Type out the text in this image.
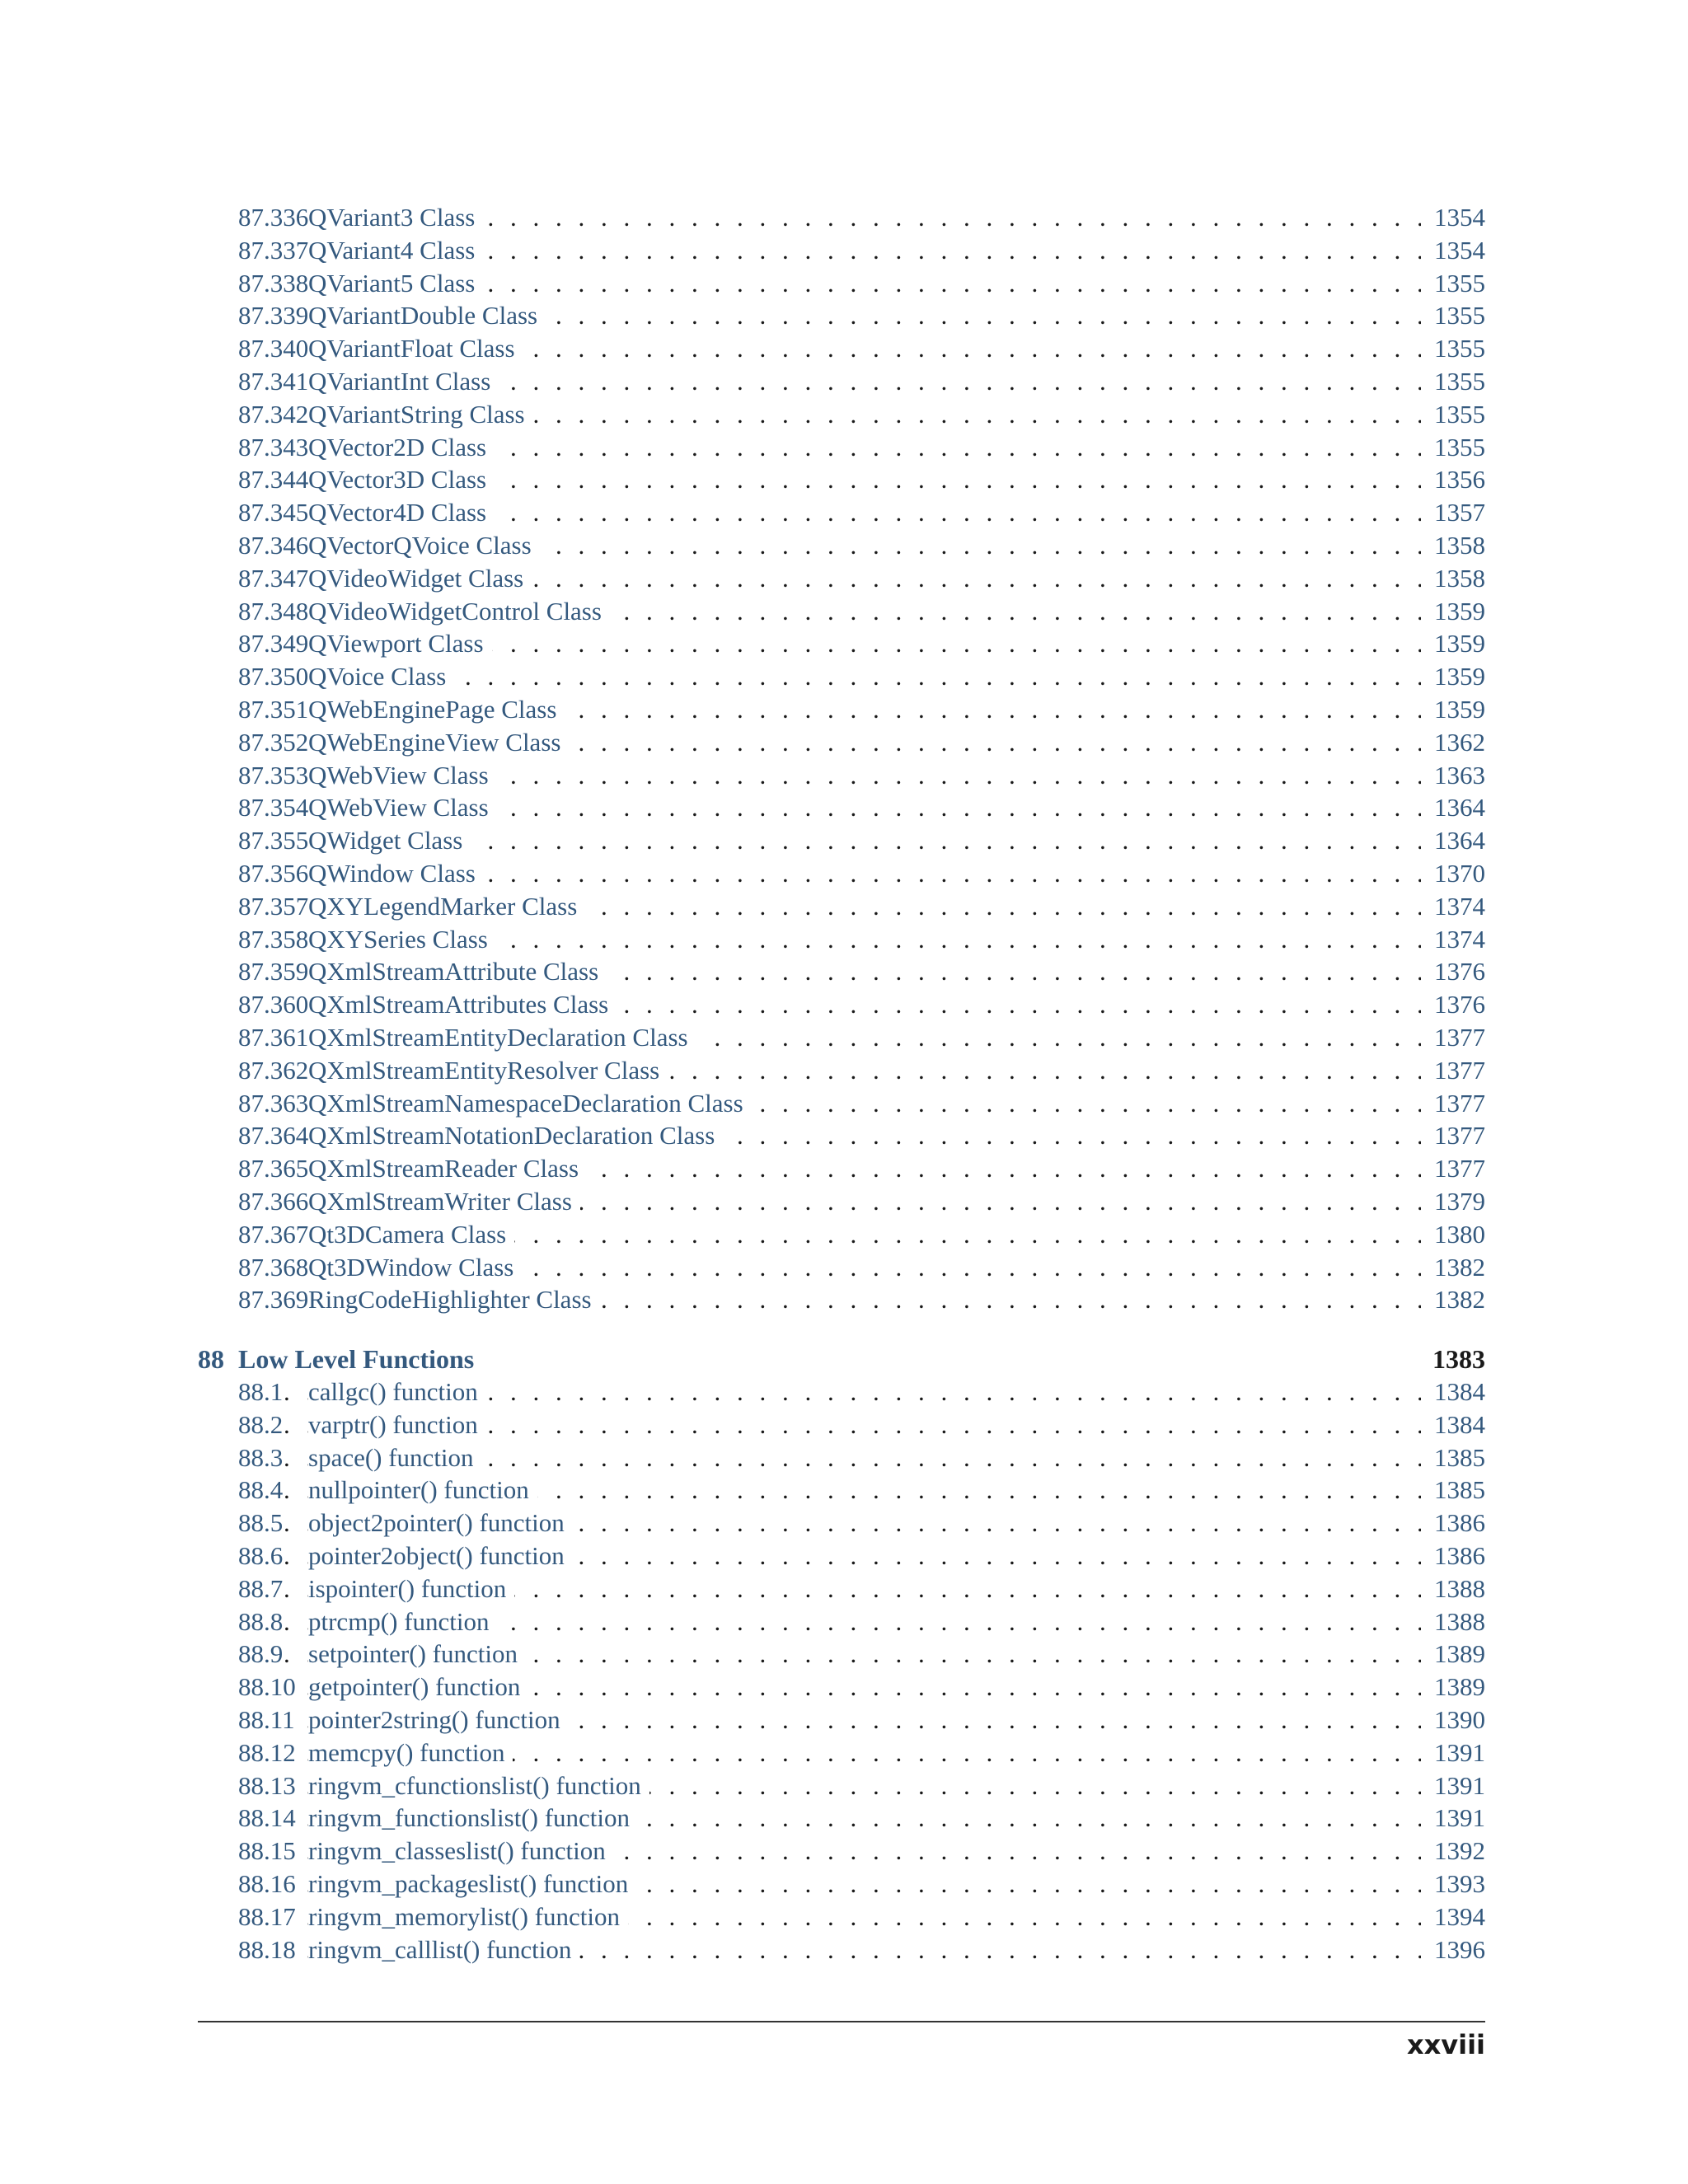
. . .
87.336 QVariant3 Class	1354
. . .
87.337 QVariant4 Class	1354
. . .
87.338 QVariant5 Class	1355
. . .
87.339 QVariantDouble Class	1355
. . .
87.340 QVariantFloat Class	1355
. . .
87.341 QVariantInt Class	1355
. . .
87.342 QVariantString Class	1355
. . .
87.343 QVector2D Class	1355
. . .
87.344 QVector3D Class	1356
. . .
87.345 QVector4D Class	1357
. . .
87.346 QVectorQVoice Class	1358
. . .
87.347 QVideoWidget Class	1358
. . .
87.348 QVideoWidgetControl Class	1359
. . .
87.349 QViewport Class	1359
. . .
87.350 QVoice Class	1359
. . .
87.351 QWebEnginePage Class	1359
. . .
87.352 QWebEngineView Class	1362
. . .
87.353 QWebView Class	1363
. . .
87.354 QWebView Class	1364
. . .
87.355 QWidget Class	1364
. . .
87.356 QWindow Class	1370
. . .
87.357 QXYLegendMarker Class	1374
. . .
87.358 QXYSeries Class	1374
. . .
87.359 QXmlStreamAttribute Class	1376
. . .
87.360 QXmlStreamAttributes Class	1376
. . .
87.361 QXmlStreamEntityDeclaration Class	1377
. . .
87.362 QXmlStreamEntityResolver Class	1377
. . .
87.363 QXmlStreamNamespaceDeclaration Class	1377
. . .
87.364 QXmlStreamNotationDeclaration Class	1377
. . .
87.365 QXmlStreamReader Class	1377
. . .
87.366 QXmlStreamWriter Class	1379
. . .
87.367 Qt3DCamera Class	1380
. . .
87.368 Qt3DWindow Class	1382
. . .
87.369 RingCodeHighlighter Class	1382
88 Low Level Functions	1383
. . .
88.1 callgc() function	1384
. . .
88.2 varptr() function	1384
. . .
88.3 space() function	1385
. . .
88.4 nullpointer() function	1385
. . .
88.5 object2pointer() function	1386
. . .
88.6 pointer2object() function	1386
. . .
88.7 ispointer() function	1388
. . .
88.8 ptrcmp() function	1388
. . .
88.9 setpointer() function	1389
. . .
88.10 getpointer() function	1389
. . .
88.11 pointer2string() function	1390
. . .
88.12 memcpy() function	1391
. . .
88.13 ringvm_cfunctionslist() function	1391
. . .
88.14 ringvm_functionslist() function	1391
. . .
88.15 ringvm_classeslist() function	1392
. . .
88.16 ringvm_packageslist() function	1393
. . .
88.17 ringvm_memorylist() function	1394
. . .
88.18 ringvm_calllist() function	1396
xxviii
